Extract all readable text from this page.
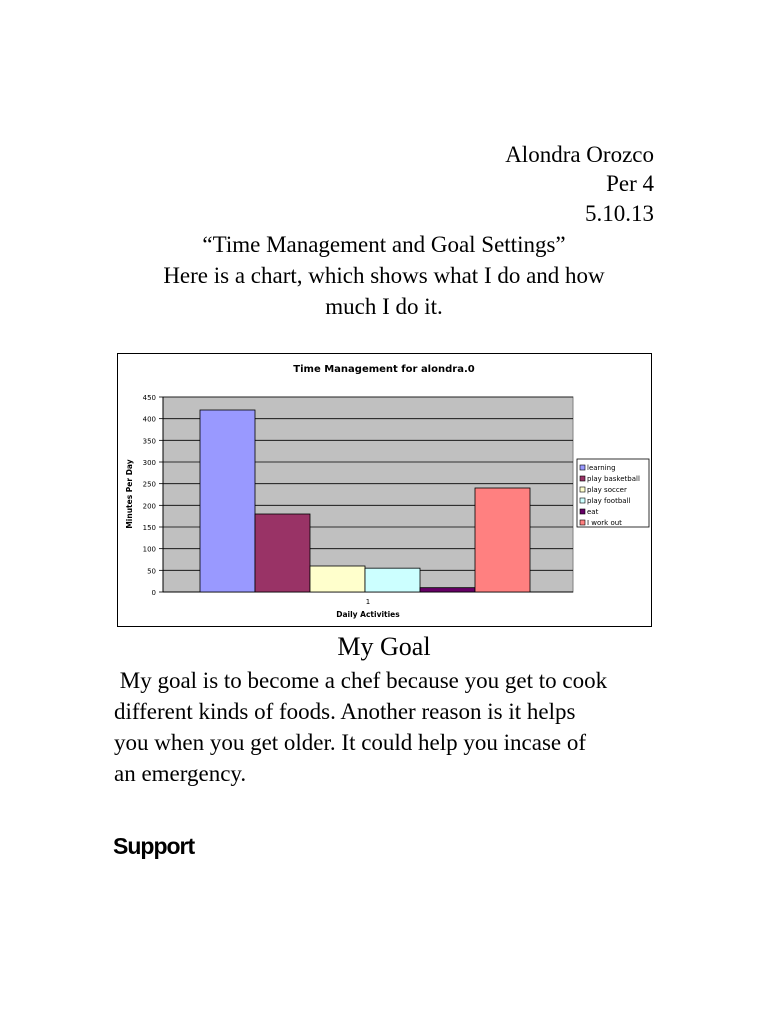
Alondra Orozco
Per 4
5.10.13
“Time Management and Goal Settings”
Here is a chart, which shows what I do and how
much I do it.
Time Management for alondra.0
0
50
100
150
200
250
300
350
400
450
1
Daily Activities
Minutes Per Day	learning
play basketball
play soccer
play football
eat
I work out
My Goal

My goal is to become a chef because you get to cook
different kinds of foods. Another reason is it helps
you when you get older. It could help you incase of
an emergency.

Support
